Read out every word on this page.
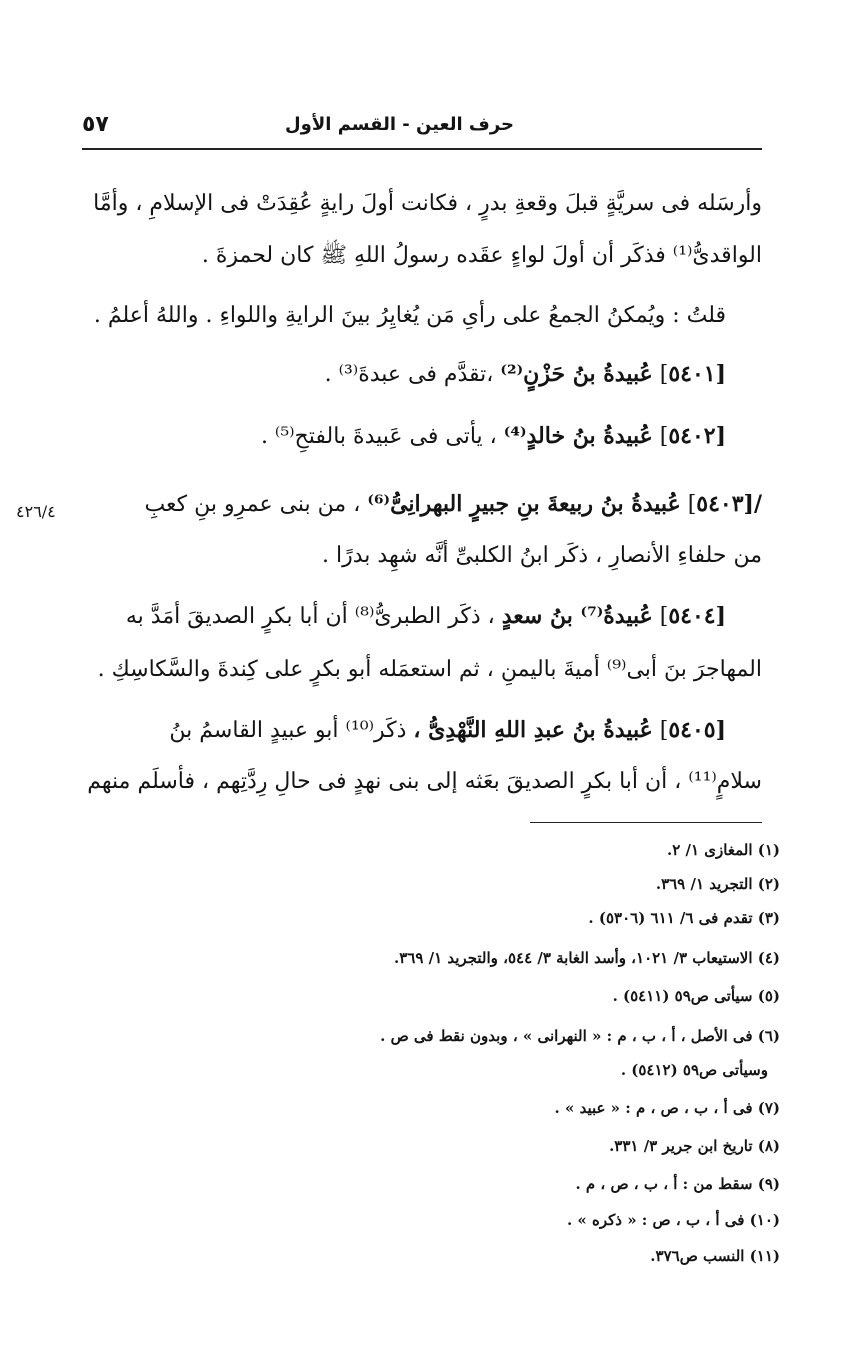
٥٧	حرف العين - القسم الأول
وأرسَله فى سريَّةٍ قبلَ وقعةِ بدرٍ ، فكانت أولَ رايةٍ عُقِدَتْ فى الإسلامِ ، وأمَّا
الواقدىُّ⁽¹⁾ فذكَر أن أولَ لواءٍ عقَده رسولُ اللهِ ﷺ كان لحمزةَ .
قلتُ : ويُمكنُ الجمعُ على رأىِ مَن يُغايِرُ بينَ الرايةِ واللواءِ . واللهُ أعلمُ .
[٥٤٠١] عُبيدةُ بنُ حَزْنٍ⁽²⁾ ،تقدَّم فى عبدةَ⁽³⁾ .
[٥٤٠٢] عُبيدةُ بنُ خالدٍ⁽⁴⁾ ، يأتى فى عَبيدةَ بالفتحِ⁽⁵⁾ .
/[٥٤٠٣] عُبيدةُ بنُ ربيعةَ بنِ جبيرٍ البهرانِىُّ⁽⁶⁾ ، من بنى عمرِو بنِ كعبِ
٤٢٦/٤
من حلفاءِ الأنصارِ ، ذكَر ابنُ الكلبىِّ أنَّه شهِد بدرًا .
[٥٤٠٤] عُبيدةُ⁽⁷⁾ بنُ سعدٍ ، ذكَر الطبرىُّ⁽⁸⁾ أن أبا بكرٍ الصديقَ أمَدَّ به
المهاجرَ بنَ أبى⁽⁹⁾ أميةَ باليمنِ ، ثم استعمَله أبو بكرٍ على كِندةَ والسَّكاسِكِ .
[٥٤٠٥] عُبيدةُ بنُ عبدِ اللهِ النَّهْدِىُّ ، ذكَر⁽¹⁰⁾ أبو عبيدٍ القاسمُ بنُ
سلامٍ⁽¹¹⁾ ، أن أبا بكرٍ الصديقَ بعَثه إلى بنى نهدٍ فى حالِ رِدَّتِهم ، فأسلَم منهم
(١) المغازى ١/ ٢.
(٢) التجريد ١/ ٣٦٩.
(٣) تقدم فى ٦/ ٦١١ (٥٣٠٦) .
(٤) الاستيعاب ٣/ ١٠٢١، وأسد الغابة ٣/ ٥٤٤، والتجريد ١/ ٣٦٩.
(٥) سيأتى ص٥٩ (٥٤١١) .
(٦) فى الأصل ، أ ، ب ، م : « النهرانى » ، وبدون نقط فى ص .
وسيأتى ص٥٩ (٥٤١٢) .
(٧) فى أ ، ب ، ص ، م : « عبيد » .
(٨) تاريخ ابن جرير ٣/ ٣٣١.
(٩) سقط من : أ ، ب ، ص ، م .
(١٠) فى أ ، ب ، ص : « ذكره » .
(١١) النسب ص٣٧٦.
